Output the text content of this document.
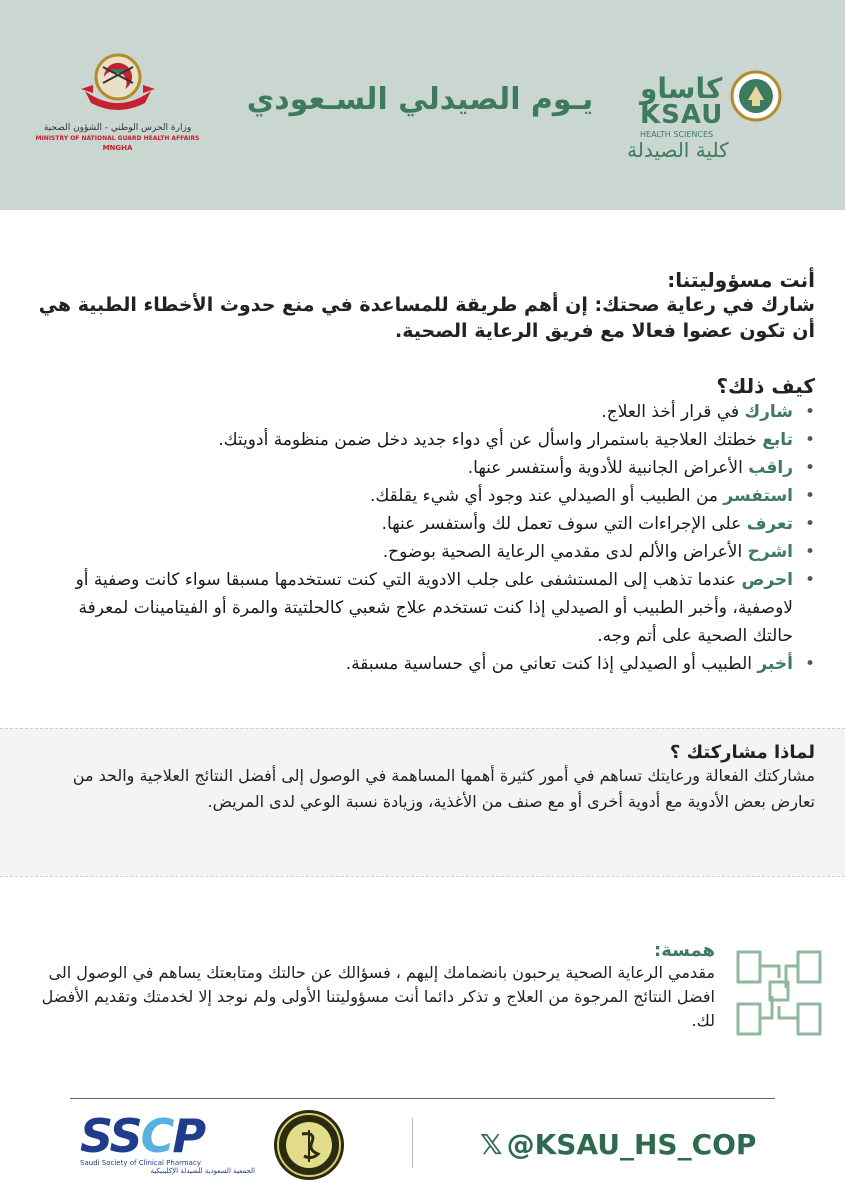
وزارة الحرس الوطني - الشؤون الصحية
MINISTRY OF NATIONAL GUARD HEALTH AFFAIRS
MNGHA
يـوم الصيدلي السـعودي	كاساو
KSAU
HEALTH SCIENCES
كلية الصيدلة
أنت مسؤوليتنا:
شارك في رعاية صحتك: إن أهم طريقة للمساعدة في منع حدوث الأخطاء الطبية هي أن تكون عضوا فعالا مع فريق الرعاية الصحية.
كيف ذلك؟
• شارك في قرار أخذ العلاج.
• تابع خطتك العلاجية باستمرار واسأل عن أي دواء جديد دخل ضمن منظومة أدويتك.
• راقب الأعراض الجانبية للأدوية وأستفسر عنها.
• استفسر من الطبيب أو الصيدلي عند وجود أي شيء يقلقك.
• تعرف على الإجراءات التي سوف تعمل لك وأستفسر عنها.
• اشرح الأعراض والألم لدى مقدمي الرعاية الصحية بوضوح.
• احرص عندما تذهب إلى المستشفى على جلب الادوية التي كنت تستخدمها مسبقا سواء كانت وصفية أو لاوصفية، وأخبر الطبيب أو الصيدلي إذا كنت تستخدم علاج شعبي كالحلتيتة والمرة أو الفيتامينات لمعرفة حالتك الصحية على أتم وجه.
• أخبر الطبيب أو الصيدلي إذا كنت تعاني من أي حساسية مسبقة.
لماذا مشاركتك ؟
مشاركتك الفعالة ورعايتك تساهم في أمور كثيرة أهمها المساهمة في الوصول إلى أفضل النتائج العلاجية والحد من تعارض بعض الأدوية مع أدوية أخرى أو مع صنف من الأغذية، وزيادة نسبة الوعي لدى المريض.
همسة:
مقدمي الرعاية الصحية يرحبون بانضمامك إليهم ، فسؤالك عن حالتك ومتابعتك يساهم في الوصول الى افضل النتائج المرجوة من العلاج و تذكر دائما أنت مسؤوليتنا الأولى ولم نوجد إلا لخدمتك وتقديم الأفضل لك.
SSCP
Saudi Society of Clinical Pharmacy
الجمعية السعودية للصيدلة الإكلينيكية
𝕏 @KSAU_HS_COP
